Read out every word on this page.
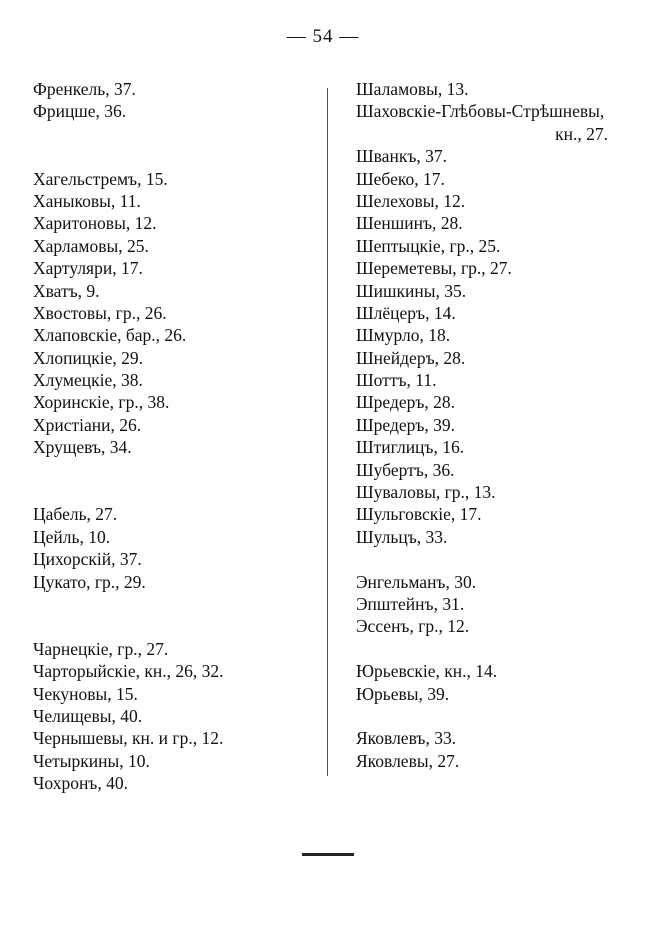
— 54 —
Френкель, 37.
Фрицше, 36.
Хагельстремъ, 15.
Ханыковы, 11.
Харитоновы, 12.
Харламовы, 25.
Хартуляри, 17.
Хватъ, 9.
Хвостовы, гр., 26.
Хлаповскіе, бар., 26.
Хлопицкіе, 29.
Хлумецкіе, 38.
Хоринскіе, гр., 38.
Христіани, 26.
Хрущевъ, 34.
Цабель, 27.
Цейль, 10.
Цихорскій, 37.
Цукато, гр., 29.
Чарнецкіе, гр., 27.
Чарторыйскіе, кн., 26, 32.
Чекуновы, 15.
Челищевы, 40.
Чернышевы, кн. и гр., 12.
Четыркины, 10.
Чохронъ, 40.
Шаламовы, 13.
Шаховскіе-Глѣбовы-Стрѣшневы,
кн., 27.
Шванкъ, 37.
Шебеко, 17.
Шелеховы, 12.
Шеншинъ, 28.
Шептыцкіе, гр., 25.
Шереметевы, гр., 27.
Шишкины, 35.
Шлёцеръ, 14.
Шмурло, 18.
Шнейдеръ, 28.
Шоттъ, 11.
Шредеръ, 28.
Шредеръ, 39.
Штиглицъ, 16.
Шубертъ, 36.
Шуваловы, гр., 13.
Шульговскіе, 17.
Шульцъ, 33.
Энгельманъ, 30.
Эпштейнъ, 31.
Эссенъ, гр., 12.
Юрьевскіе, кн., 14.
Юрьевы, 39.
Яковлевъ, 33.
Яковлевы, 27.
